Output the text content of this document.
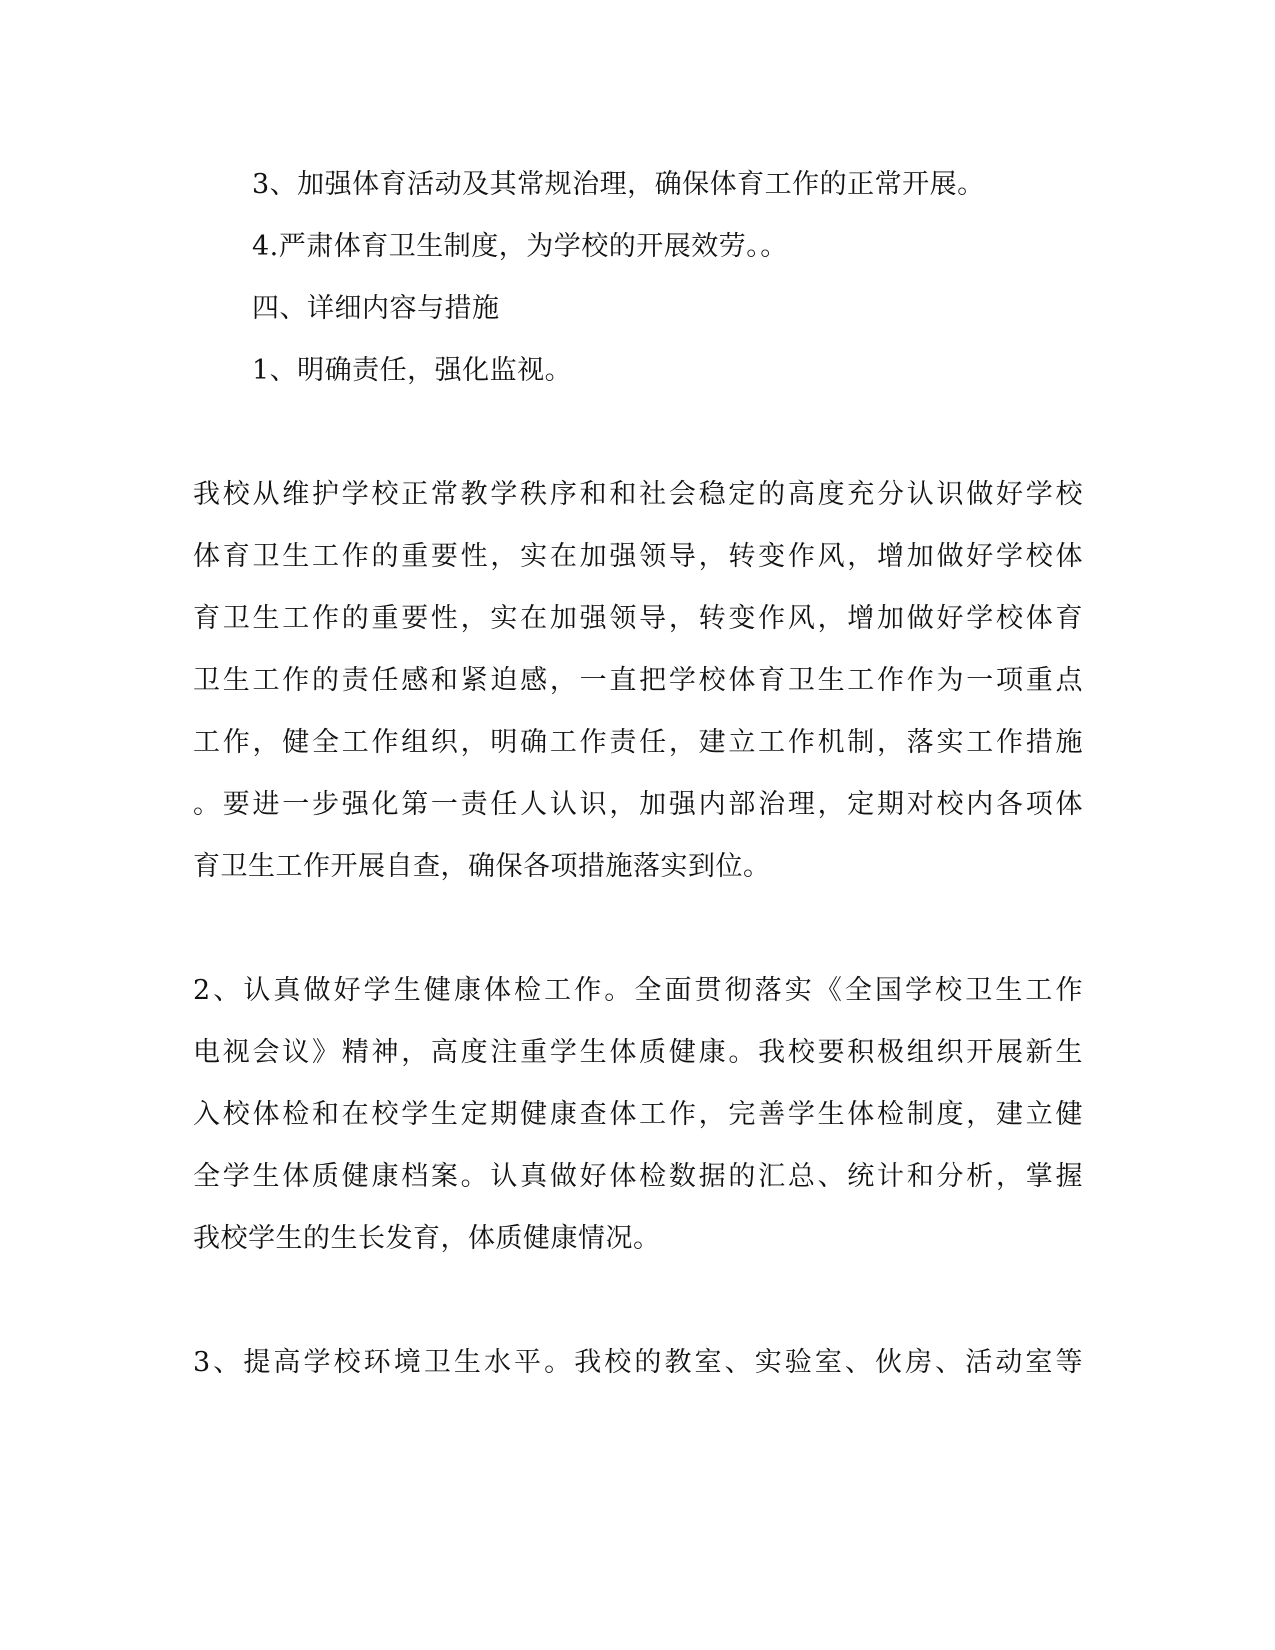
3、加强体育活动及其常规治理，确保体育工作的正常开展。
4.严肃体育卫生制度，为学校的开展效劳。。
四、详细内容与措施
1、明确责任，强化监视。
我校从维护学校正常教学秩序和和社会稳定的高度充分认识做好学校
体育卫生工作的重要性，实在加强领导，转变作风，增加做好学校体
育卫生工作的重要性，实在加强领导，转变作风，增加做好学校体育
卫生工作的责任感和紧迫感，一直把学校体育卫生工作作为一项重点
工作，健全工作组织，明确工作责任，建立工作机制，落实工作措施
。要进一步强化第一责任人认识，加强内部治理，定期对校内各项体
育卫生工作开展自查，确保各项措施落实到位。
2、认真做好学生健康体检工作。全面贯彻落实《全国学校卫生工作
电视会议》精神，高度注重学生体质健康。我校要积极组织开展新生
入校体检和在校学生定期健康查体工作，完善学生体检制度，建立健
全学生体质健康档案。认真做好体检数据的汇总、统计和分析，掌握
我校学生的生长发育，体质健康情况。
3、提高学校环境卫生水平。我校的教室、实验室、伙房、活动室等
